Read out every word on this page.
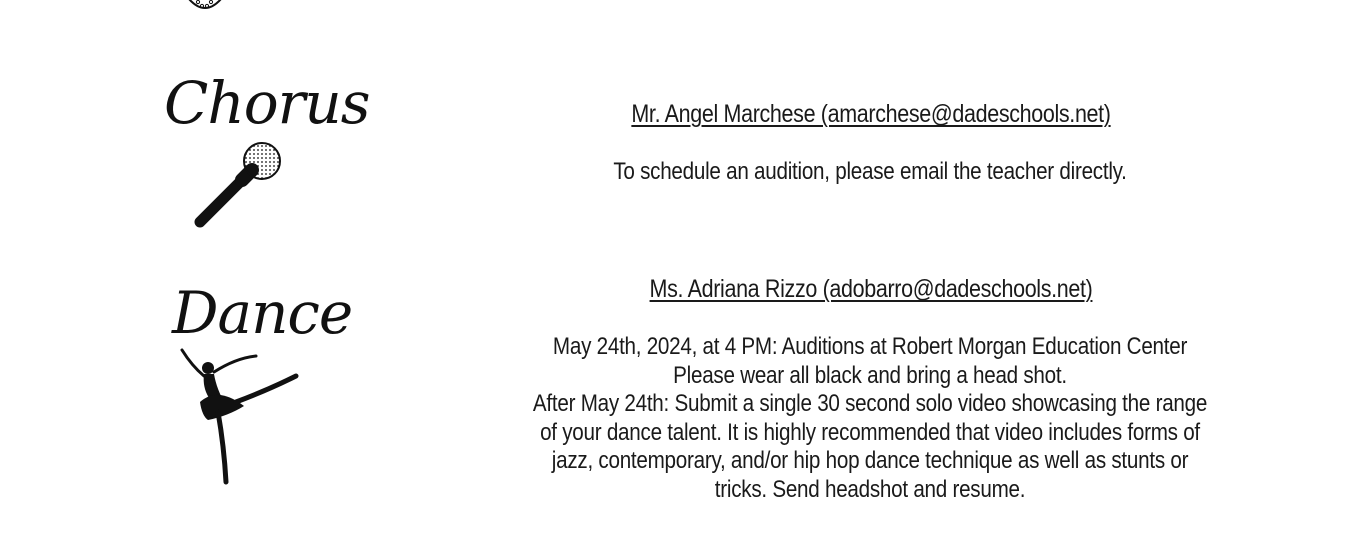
Chorus	Mr. Angel Marchese (amarchese@dadeschools.net)
To schedule an audition, please email the teacher directly.
Dance	Ms. Adriana Rizzo (adobarro@dadeschools.net)
May 24th, 2024, at 4 PM: Auditions at Robert Morgan Education Center
Please wear all black and bring a head shot.
After May 24th: Submit a single 30 second solo video showcasing the range
of your dance talent. It is highly recommended that video includes forms of
jazz, contemporary, and/or hip hop dance technique as well as stunts or
tricks. Send headshot and resume.
